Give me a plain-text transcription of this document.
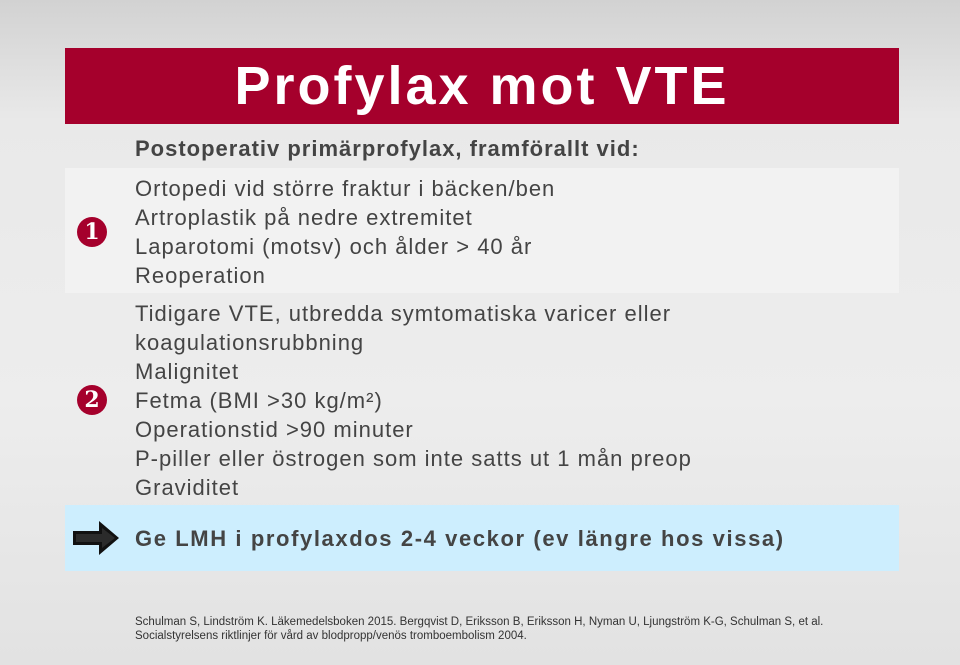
Profylax mot VTE
Postoperativ primärprofylax, framförallt vid:
1
Ortopedi vid större fraktur i bäcken/ben
Artroplastik på nedre extremitet
Laparotomi (motsv) och ålder > 40 år
Reoperation
2
Tidigare VTE, utbredda symtomatiska varicer eller
koagulationsrubbning
Malignitet
Fetma (BMI >30 kg/m²)
Operationstid >90 minuter
P-piller eller östrogen som inte satts ut 1 mån preop
Graviditet
Ge LMH i profylaxdos 2-4 veckor (ev längre hos vissa)
Schulman S, Lindström K. Läkemedelsboken 2015. Bergqvist D, Eriksson B, Eriksson H, Nyman U, Ljungström K-G, Schulman S, et al.
Socialstyrelsens riktlinjer för vård av blodpropp/venös tromboembolism 2004.
